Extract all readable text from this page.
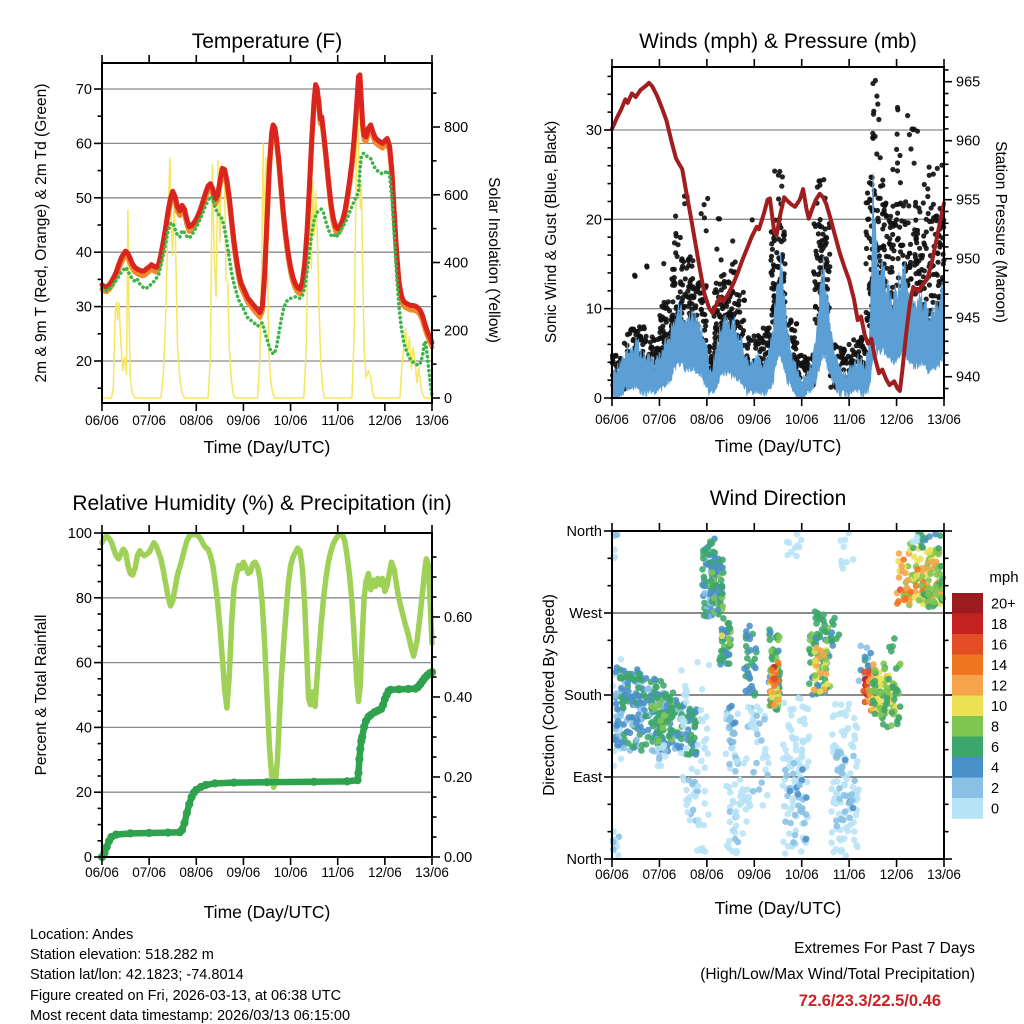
06/06 07/06 08/06 09/06 10/06 11/06 12/06 13/06
20
30
40
50
60
70
0
200
400
600
800
06/06 07/06 08/06 09/06 10/06 11/06 12/06 13/06
0
10
20
30
940
945
950
955
960
965
06/06 07/06 08/06 09/06 10/06 11/06 12/06 13/06
0
20
40
60
80
100
0.00
0.20
0.40
0.60
06/06 07/06 08/06 09/06 10/06 11/06 12/06 13/06
North
West
South
East
North
20+
18
16
14
12
10
8
6
4
2
0
Temperature (F)	Winds (mph) & Pressure (mb)
Relative Humidity (%) & Precipitation (in)	Wind Direction
Time (Day/UTC)	Time (Day/UTC)
Time (Day/UTC)	Time (Day/UTC)
2m & 9m T (Red, Orange) & 2m Td (Green)	Solar Insolation (Yellow)	Sonic Wind & Gust (Blue, Black)	Station Pressure (Maroon)
Percent & Total Rainfall	Direction (Colored By Speed)
mph
Location: Andes
Station elevation: 518.282 m
Station lat/lon: 42.1823; -74.8014
Figure created on Fri, 2026-03-13, at 06:38 UTC
Most recent data timestamp: 2026/03/13 06:15:00
Extremes For Past 7 Days
(High/Low/Max Wind/Total Precipitation)
72.6/23.3/22.5/0.46
